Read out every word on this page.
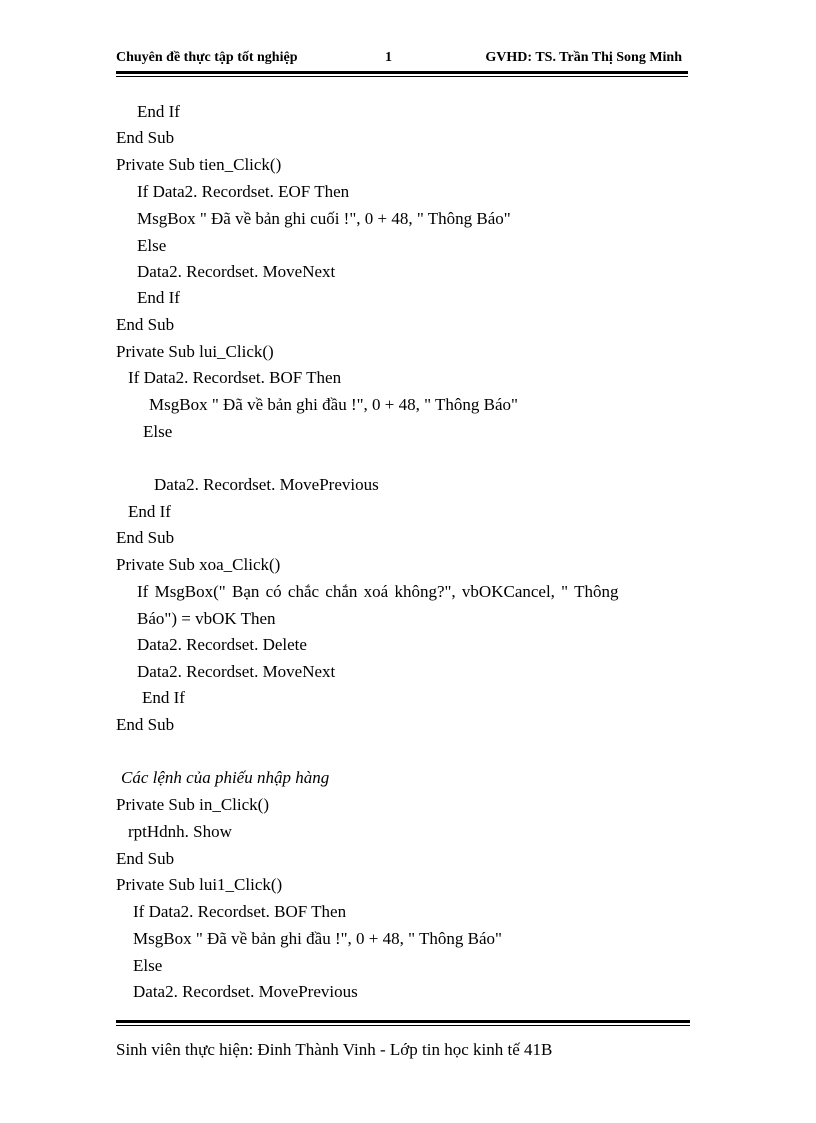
Chuyên đề thực tập tốt nghiệp	1	GVHD: TS. Trần Thị Song Minh
End If
End Sub
Private Sub tien_Click()
If Data2. Recordset. EOF Then
MsgBox " Đã về bản ghi cuối !", 0 + 48, " Thông Báo"
Else
Data2. Recordset. MoveNext
End If
End Sub
Private Sub lui_Click()
If Data2. Recordset. BOF Then
MsgBox " Đã về bản ghi đầu !", 0 + 48, " Thông Báo"
Else
Data2. Recordset. MovePrevious
End If
End Sub
Private Sub xoa_Click()
If MsgBox(" Bạn có chắc chắn xoá không?", vbOKCancel, " Thông
Báo") = vbOK Then
Data2. Recordset. Delete
Data2. Recordset. MoveNext
End If
End Sub
Các lệnh của phiếu nhập hàng
Private Sub in_Click()
rptHdnh. Show
End Sub
Private Sub lui1_Click()
If Data2. Recordset. BOF Then
MsgBox " Đã về bản ghi đầu !", 0 + 48, " Thông Báo"
Else
Data2. Recordset. MovePrevious
Sinh viên thực hiện: Đinh Thành Vinh - Lớp tin học kinh tế 41B
